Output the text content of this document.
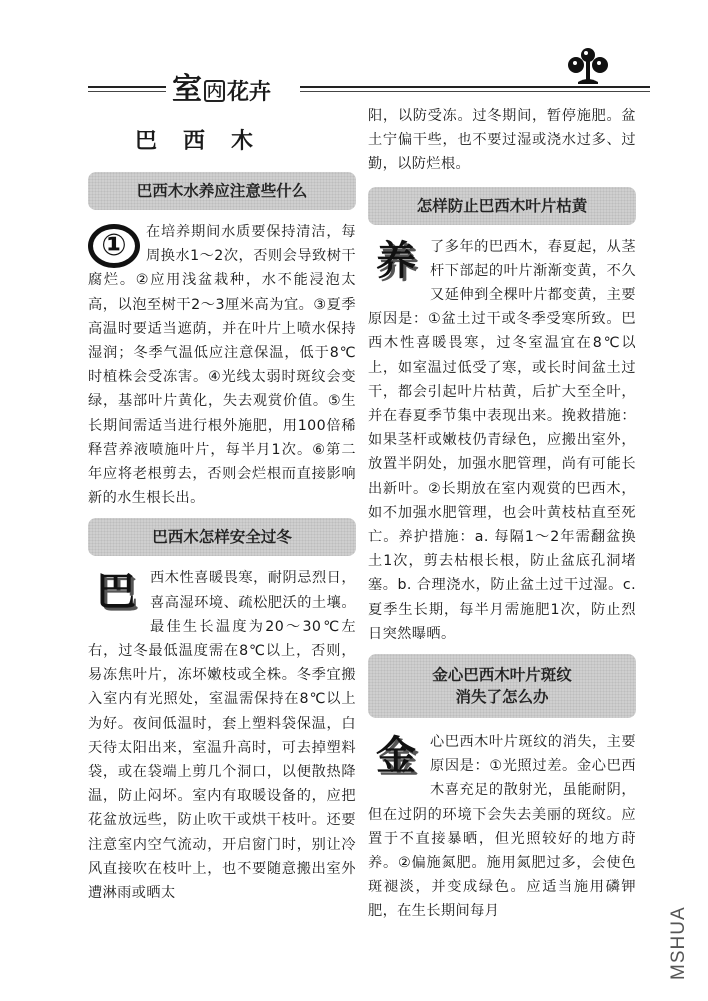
室内 花卉
巴西木
巴西木水养应注意些什么
①	在培养期间水质要保持清洁，每周换水1～2次，否则会导致树干腐烂。②应用浅盆栽种，水不能浸泡太高，以泡至树干2～3厘米高为宜。③夏季高温时要适当遮荫，并在叶片上喷水保持湿润；冬季气温低应注意保温，低于8℃时植株会受冻害。④光线太弱时斑纹会变绿，基部叶片黄化，失去观赏价值。⑤生长期间需适当进行根外施肥，用100倍稀释营养液喷施叶片，每半月1次。⑥第二年应将老根剪去，否则会烂根而直接影响新的水生根长出。

巴西木怎样安全过冬
巴 西木性喜暖畏寒，耐阴忌烈日，喜高湿环境、疏松肥沃的土壤。最佳生长温度为20～30℃左右，过冬最低温度需在8℃以上，否则，易冻焦叶片，冻坏嫩枝或全株。冬季宜搬入室内有光照处，室温需保持在8℃以上为好。夜间低温时，套上塑料袋保温，白天待太阳出来，室温升高时，可去掉塑料袋，或在袋端上剪几个洞口，以便散热降温，防止闷坏。室内有取暖设备的，应把花盆放远些，防止吹干或烘干枝叶。还要注意室内空气流动，开启窗门时，别让冷风直接吹在枝叶上，也不要随意搬出室外遭淋雨或晒太

阳，以防受冻。过冬期间，暂停施肥。盆土宁偏干些，也不要过湿或浇水过多、过勤，以防烂根。

怎样防止巴西木叶片枯黄
养 了多年的巴西木，春夏起，从茎杆下部起的叶片渐渐变黄，不久又延伸到全棵叶片都变黄，主要原因是：①盆土过干或冬季受寒所致。巴西木性喜暖畏寒，过冬室温宜在8℃以上，如室温过低受了寒，或长时间盆土过干，都会引起叶片枯黄，后扩大至全叶，并在春夏季节集中表现出来。挽救措施：如果茎杆或嫩枝仍青绿色，应搬出室外，放置半阴处，加强水肥管理，尚有可能长出新叶。②长期放在室内观赏的巴西木，如不加强水肥管理，也会叶黄枝枯直至死亡。养护措施：a. 每隔1～2年需翻盆换土1次，剪去枯根长根，防止盆底孔洞堵塞。b. 合理浇水，防止盆土过干过湿。c. 夏季生长期，每半月需施肥1次，防止烈日突然曝晒。

金心巴西木叶片斑纹
消失了怎么办
金 心巴西木叶片斑纹的消失，主要原因是：①光照过差。金心巴西木喜充足的散射光，虽能耐阴，但在过阴的环境下会失去美丽的斑纹。应置于不直接暴晒，但光照较好的地方莳养。②偏施氮肥。施用氮肥过多，会使色斑褪淡，并变成绿色。应适当施用磷钾肥，在生长期间每月	MSHUA
